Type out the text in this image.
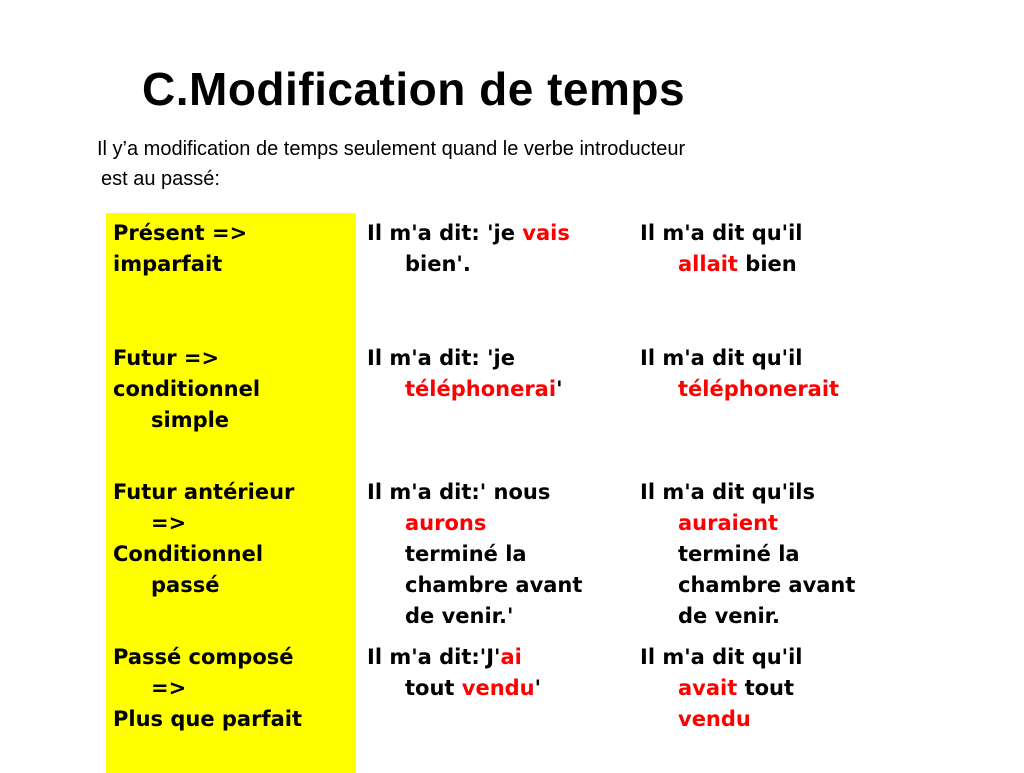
C.Modification de temps
Il y’a modification de temps seulement quand le verbe introducteur
est au passé:
Présent =>
imparfait
Il m'a dit: 'je vais
bien'.
Il m'a dit qu'il
allait bien
Futur =>
conditionnel
simple
Il m'a dit: 'je
téléphonerai'
Il m'a dit qu'il
téléphonerait
Futur antérieur
=>
Conditionnel
passé
Il m'a dit:' nous
aurons
terminé la
chambre avant
de venir.'
Il m'a dit qu'ils
auraient
terminé la
chambre avant
de venir.
Passé composé
=>
Plus que parfait
Il m'a dit:'J'ai
tout vendu'
Il m'a dit qu'il
avait tout
vendu
